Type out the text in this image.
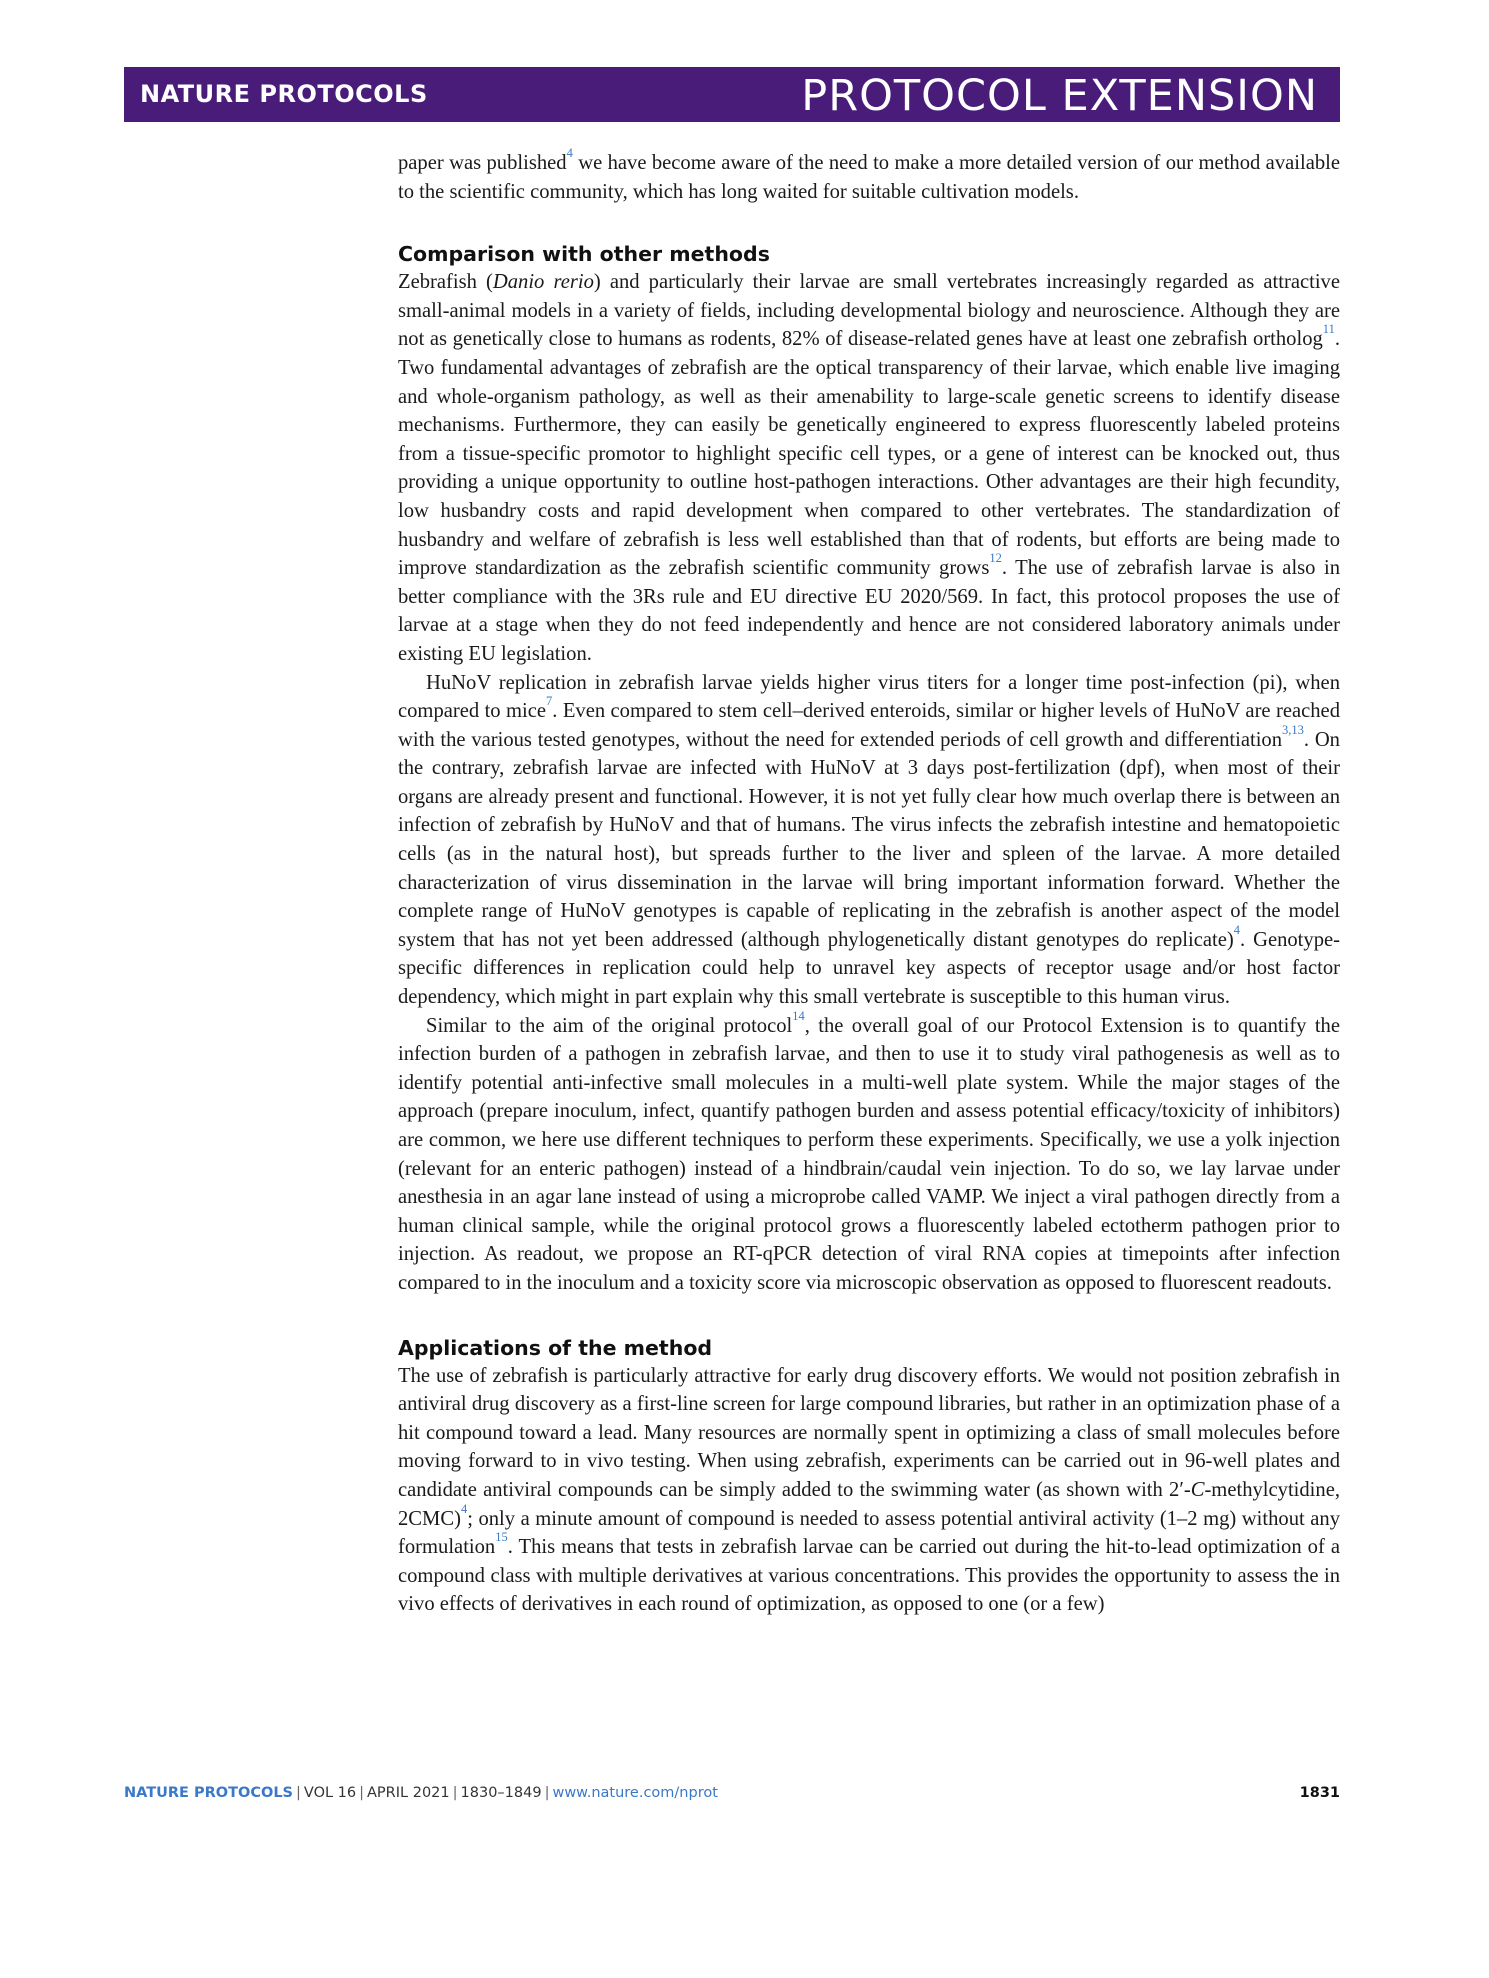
NATURE PROTOCOLS	PROTOCOL EXTENSION

paper was published$^4$ we have become aware of the need to make a more detailed version of our method available to the scientific community, which has long waited for suitable cultivation models.

Comparison with other methods

Zebrafish (Danio rerio) and particularly their larvae are small vertebrates increasingly regarded as attractive small-animal models in a variety of fields, including developmental biology and neuroscience. Although they are not as genetically close to humans as rodents, 82% of disease-related genes have at least one zebrafish ortholog$^{11}$. Two fundamental advantages of zebrafish are the optical transparency of their larvae, which enable live imaging and whole-organism pathology, as well as their amenability to large-scale genetic screens to identify disease mechanisms. Furthermore, they can easily be genetically engineered to express fluorescently labeled proteins from a tissue-specific promotor to highlight specific cell types, or a gene of interest can be knocked out, thus providing a unique opportunity to outline host-pathogen interactions. Other advantages are their high fecundity, low husbandry costs and rapid development when compared to other vertebrates. The standardization of husbandry and welfare of zebrafish is less well established than that of rodents, but efforts are being made to improve standardization as the zebrafish scientific community grows$^{12}$. The use of zebrafish larvae is also in better compliance with the 3Rs rule and EU directive EU 2020/569. In fact, this protocol proposes the use of larvae at a stage when they do not feed independently and hence are not considered laboratory animals under existing EU legislation.

HuNoV replication in zebrafish larvae yields higher virus titers for a longer time post-infection (pi), when compared to mice$^7$. Even compared to stem cell–derived enteroids, similar or higher levels of HuNoV are reached with the various tested genotypes, without the need for extended periods of cell growth and differentiation$^{3,13}$. On the contrary, zebrafish larvae are infected with HuNoV at 3 days post-fertilization (dpf), when most of their organs are already present and functional. However, it is not yet fully clear how much overlap there is between an infection of zebrafish by HuNoV and that of humans. The virus infects the zebrafish intestine and hematopoietic cells (as in the natural host), but spreads further to the liver and spleen of the larvae. A more detailed characterization of virus dissemination in the larvae will bring important information forward. Whether the complete range of HuNoV genotypes is capable of replicating in the zebrafish is another aspect of the model system that has not yet been addressed (although phylogenetically distant genotypes do replicate)$^4$. Genotype-specific differences in replication could help to unravel key aspects of receptor usage and/or host factor dependency, which might in part explain why this small vertebrate is susceptible to this human virus.

Similar to the aim of the original protocol$^{14}$, the overall goal of our Protocol Extension is to quantify the infection burden of a pathogen in zebrafish larvae, and then to use it to study viral pathogenesis as well as to identify potential anti-infective small molecules in a multi-well plate system. While the major stages of the approach (prepare inoculum, infect, quantify pathogen burden and assess potential efficacy/toxicity of inhibitors) are common, we here use different techniques to perform these experiments. Specifically, we use a yolk injection (relevant for an enteric pathogen) instead of a hindbrain/caudal vein injection. To do so, we lay larvae under anesthesia in an agar lane instead of using a microprobe called VAMP. We inject a viral pathogen directly from a human clinical sample, while the original protocol grows a fluorescently labeled ectotherm pathogen prior to injection. As readout, we propose an RT-qPCR detection of viral RNA copies at timepoints after infection compared to in the inoculum and a toxicity score via microscopic observation as opposed to fluorescent readouts.

Applications of the method

The use of zebrafish is particularly attractive for early drug discovery efforts. We would not position zebrafish in antiviral drug discovery as a first-line screen for large compound libraries, but rather in an optimization phase of a hit compound toward a lead. Many resources are normally spent in optimizing a class of small molecules before moving forward to in vivo testing. When using zebrafish, experiments can be carried out in 96-well plates and candidate antiviral compounds can be simply added to the swimming water (as shown with 2′-C-methylcytidine, 2CMC)$^4$; only a minute amount of compound is needed to assess potential antiviral activity (1–2 mg) without any formulation$^{15}$. This means that tests in zebrafish larvae can be carried out during the hit-to-lead optimization of a compound class with multiple derivatives at various concentrations. This provides the opportunity to assess the in vivo effects of derivatives in each round of optimization, as opposed to one (or a few)

NATURE PROTOCOLS | VOL 16 | APRIL 2021 | 1830–1849 | www.nature.com/nprot	1831
